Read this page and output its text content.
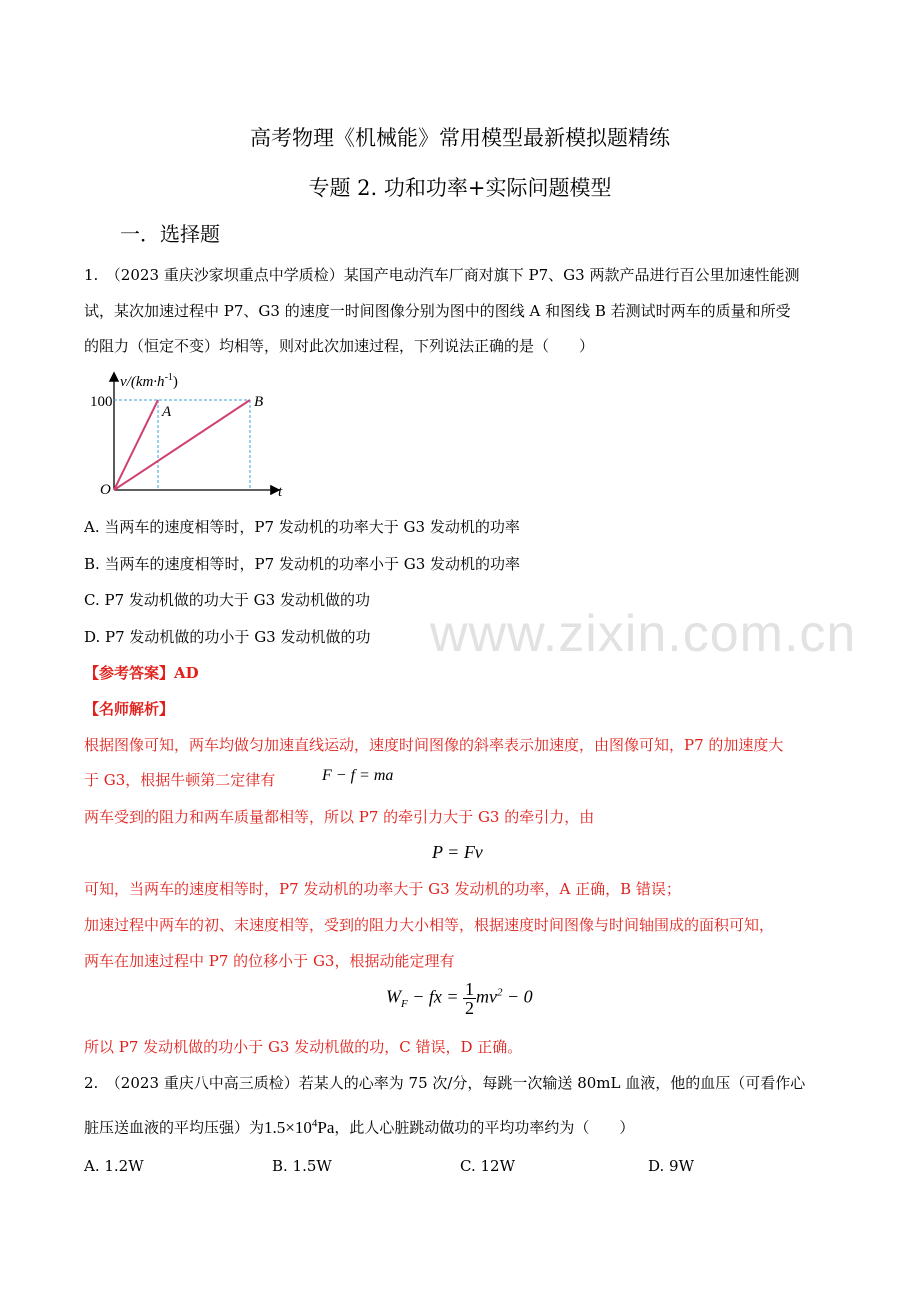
高考物理《机械能》常用模型最新模拟题精练
专题 2. 功和功率+实际问题模型
一．选择题
1.　（2023 重庆沙家坝重点中学质检）某国产电动汽车厂商对旗下 P7、G3 两款产品进行百公里加速性能测
试，某次加速过程中 P7、G3 的速度一时间图像分别为图中的图线 A 和图线 B 若测试时两车的质量和所受
的阻力（恒定不变）均相等，则对此次加速过程，下列说法正确的是（　　）
$v/(km\cdot h^{-1})$
100
A
B
O	t
A. 当两车的速度相等时，P7 发动机的功率大于 G3 发动机的功率
B. 当两车的速度相等时，P7 发动机的功率小于 G3 发动机的功率
C. P7 发动机做的功大于 G3 发动机做的功
D. P7 发动机做的功小于 G3 发动机做的功
【参考答案】AD
【名师解析】
根据图像可知，两车均做匀加速直线运动，速度时间图像的斜率表示加速度，由图像可知，P7 的加速度大
于 G3，根据牛顿第二定律有	F − f = ma
两车受到的阻力和两车质量都相等，所以 P7 的牵引力大于 G3 的牵引力，由
P = Fv
可知，当两车的速度相等时，P7 发动机的功率大于 G3 发动机的功率，A 正确，B 错误；
加速过程中两车的初、末速度相等，受到的阻力大小相等，根据速度时间图像与时间轴围成的面积可知，
两车在加速过程中 P7 的位移小于 G3，根据动能定理有
$W_F$ − fx = $\frac{1}{2} mv^2 - 0$
所以 P7 发动机做的功小于 G3 发动机做的功，C 错误，D 正确。
2.　（2023 重庆八中高三质检）若某人的心率为 75 次/分，每跳一次输送 80mL 血液，他的血压（可看作心
脏压送血液的平均压强）为$1.5\times 10^4Pa$，此人心脏跳动做功的平均功率约为（　　）
A. 1.2W	B. 1.5W	C. 12W	D. 9W
www.zixin.com.cn
